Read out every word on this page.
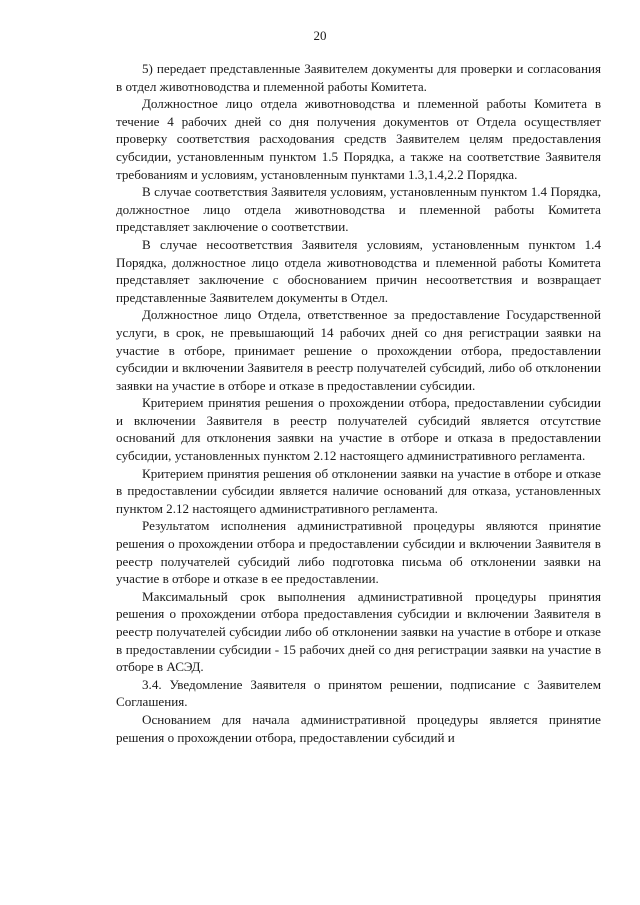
20

5) передает представленные Заявителем документы для проверки и согласования в отдел животноводства и племенной работы Комитета.

Должностное лицо отдела животноводства и племенной работы Комитета в течение 4 рабочих дней со дня получения документов от Отдела осуществляет проверку соответствия расходования средств Заявителем целям предоставления субсидии, установленным пунктом 1.5 Порядка, а также на соответствие Заявителя требованиям и условиям, установленным пунктами 1.3,1.4,2.2 Порядка.

В случае соответствия Заявителя условиям, установленным пунктом 1.4 Порядка, должностное лицо отдела животноводства и племенной работы Комитета представляет заключение о соответствии.

В случае несоответствия Заявителя условиям, установленным пунктом 1.4 Порядка, должностное лицо отдела животноводства и племенной работы Комитета представляет заключение с обоснованием причин несоответствия и возвращает представленные Заявителем документы в Отдел.

Должностное лицо Отдела, ответственное за предоставление Государственной услуги, в срок, не превышающий 14 рабочих дней со дня регистрации заявки на участие в отборе, принимает решение о прохождении отбора, предоставлении субсидии и включении Заявителя в реестр получателей субсидий, либо об отклонении заявки на участие в отборе и отказе в предоставлении субсидии.

Критерием принятия решения о прохождении отбора, предоставлении субсидии и включении Заявителя в реестр получателей субсидий является отсутствие оснований для отклонения заявки на участие в отборе и отказа в предоставлении субсидии, установленных пунктом 2.12 настоящего административного регламента.

Критерием принятия решения об отклонении заявки на участие в отборе и отказе в предоставлении субсидии является наличие оснований для отказа, установленных пунктом 2.12 настоящего административного регламента.

Результатом исполнения административной процедуры являются принятие решения о прохождении отбора и предоставлении субсидии и включении Заявителя в реестр получателей субсидий либо подготовка письма об отклонении заявки на участие в отборе и отказе в ее предоставлении.

Максимальный срок выполнения административной процедуры принятия решения о прохождении отбора предоставления субсидии и включении Заявителя в реестр получателей субсидии либо об отклонении заявки на участие в отборе и отказе в предоставлении субсидии - 15 рабочих дней со дня регистрации заявки на участие в отборе в АСЭД.

3.4. Уведомление Заявителя о принятом решении, подписание с Заявителем Соглашения.

Основанием для начала административной процедуры является принятие решения о прохождении отбора, предоставлении субсидий и
